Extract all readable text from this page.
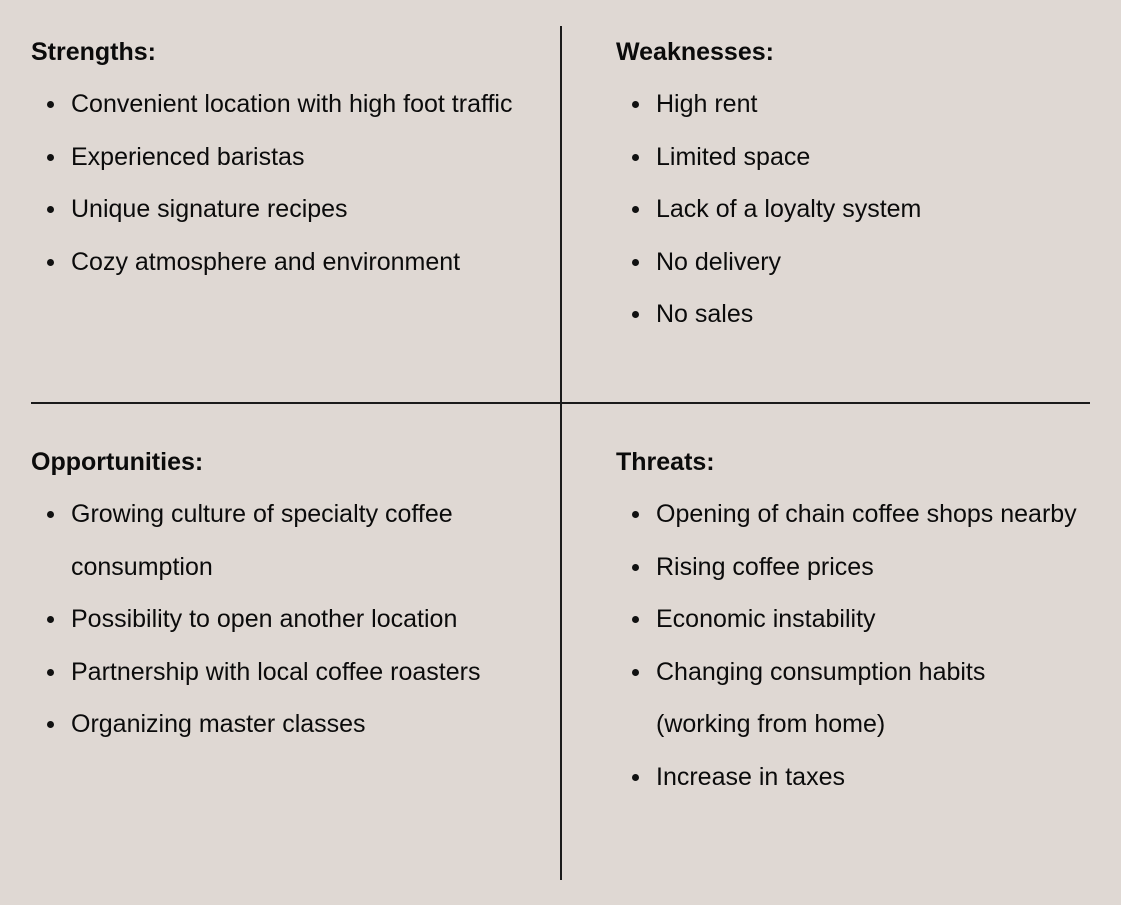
Strengths:
Convenient location with high foot traffic
Experienced baristas
Unique signature recipes
Cozy atmosphere and environment
Weaknesses:
High rent
Limited space
Lack of a loyalty system
No delivery
No sales
Opportunities:
Growing culture of specialty coffee consumption
Possibility to open another location
Partnership with local coffee roasters
Organizing master classes
Threats:
Opening of chain coffee shops nearby
Rising coffee prices
Economic instability
Changing consumption habits (working from home)
Increase in taxes
